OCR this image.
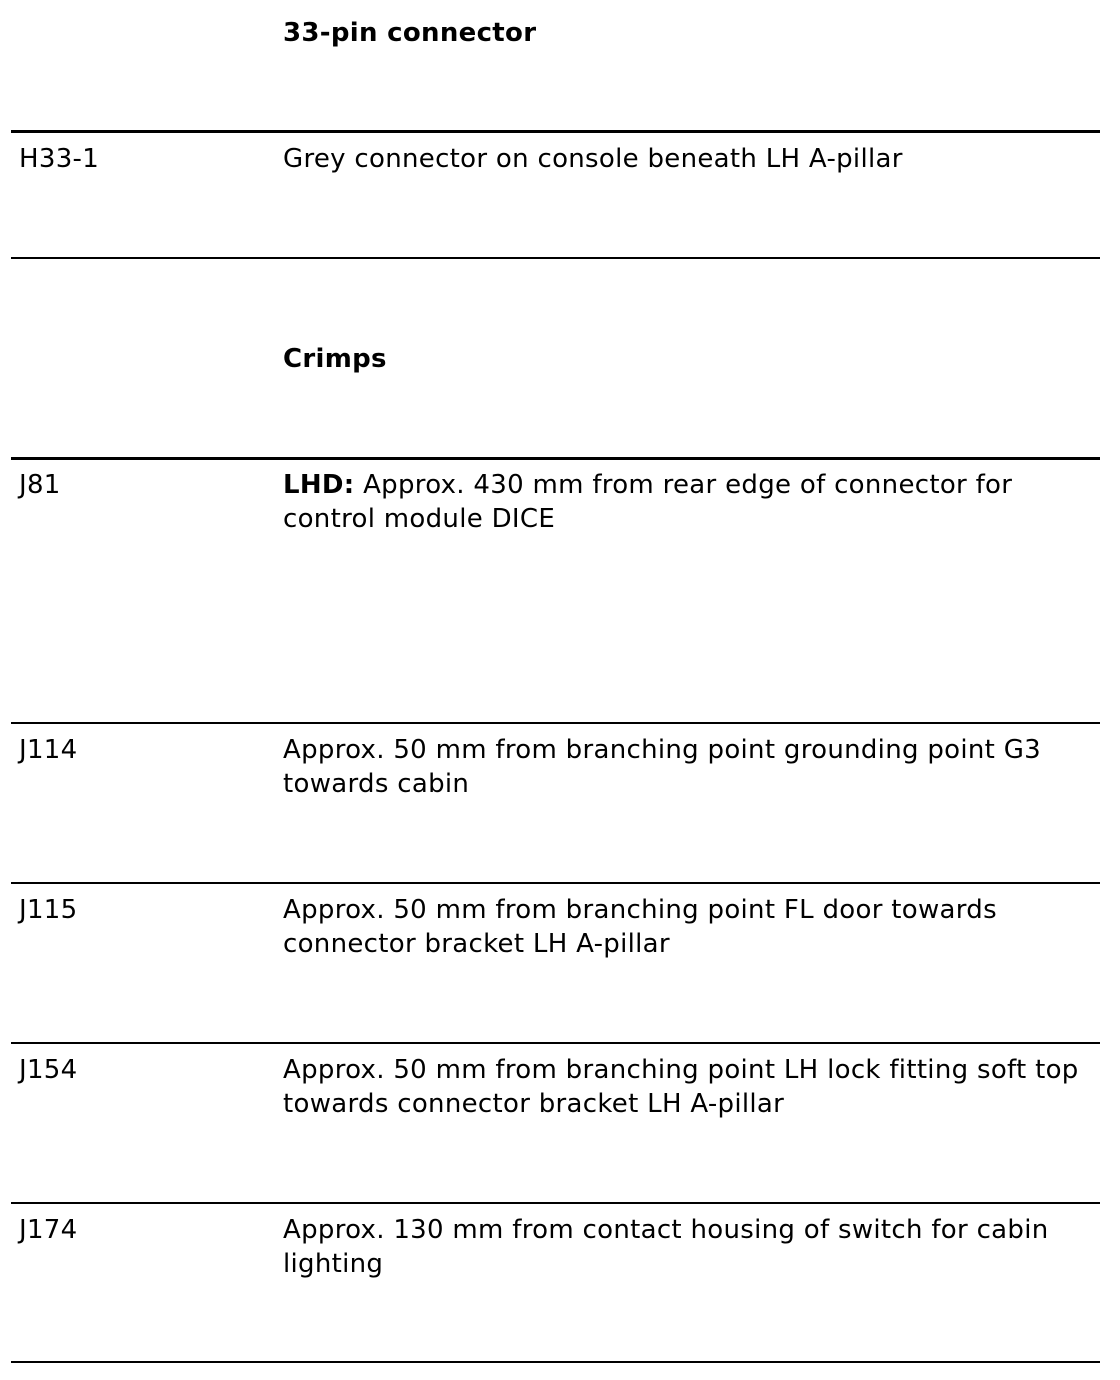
33-pin connector
H33-1	Grey connector on console beneath LH A-pillar
Crimps
J81	LHD: Approx. 430 mm from rear edge of connector for control module DICE
J114	Approx. 50 mm from branching point grounding point G3 towards cabin
J115	Approx. 50 mm from branching point FL door towards connector bracket LH A-pillar
J154	Approx. 50 mm from branching point LH lock fitting soft top towards connector bracket LH A-pillar
J174	Approx. 130 mm from contact housing of switch for cabin lighting
